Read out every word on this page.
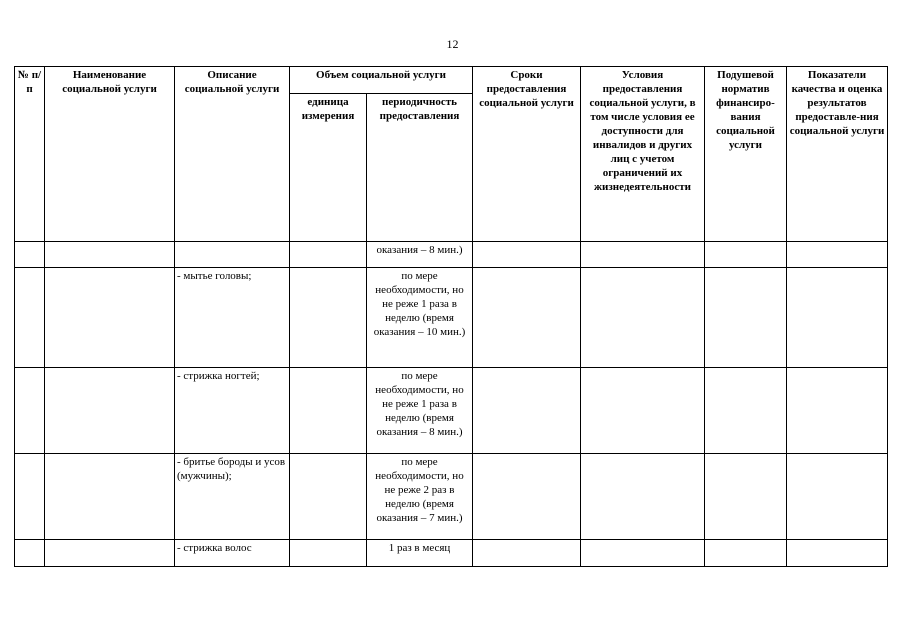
12
№ п/п	Наименование социальной услуги	Описание социальной услуги	Объем социальной услуги		Сроки предоставления социальной услуги	Условия предоставления социальной услуги, в том числе условия ее доступности для инвалидов и других лиц с учетом ограничений их жизнедеятельности	Подушевой норматив финансиро-вания социальной услуги	Показатели качества и оценка результатов предоставле-ния социальной услуги
			единица измерения	периодичность предоставления				
				оказания – 8 мин.)				
		- мытье головы;		по мере необходимости, но не реже 1 раза в неделю (время оказания – 10 мин.)				
		- стрижка ногтей;		по мере необходимости, но не реже 1 раза в неделю (время оказания – 8 мин.)				
		- бритье бороды и усов (мужчины);		по мере необходимости, но не реже 2 раз в неделю (время оказания – 7 мин.)				
		- стрижка волос		1 раз в месяц				
